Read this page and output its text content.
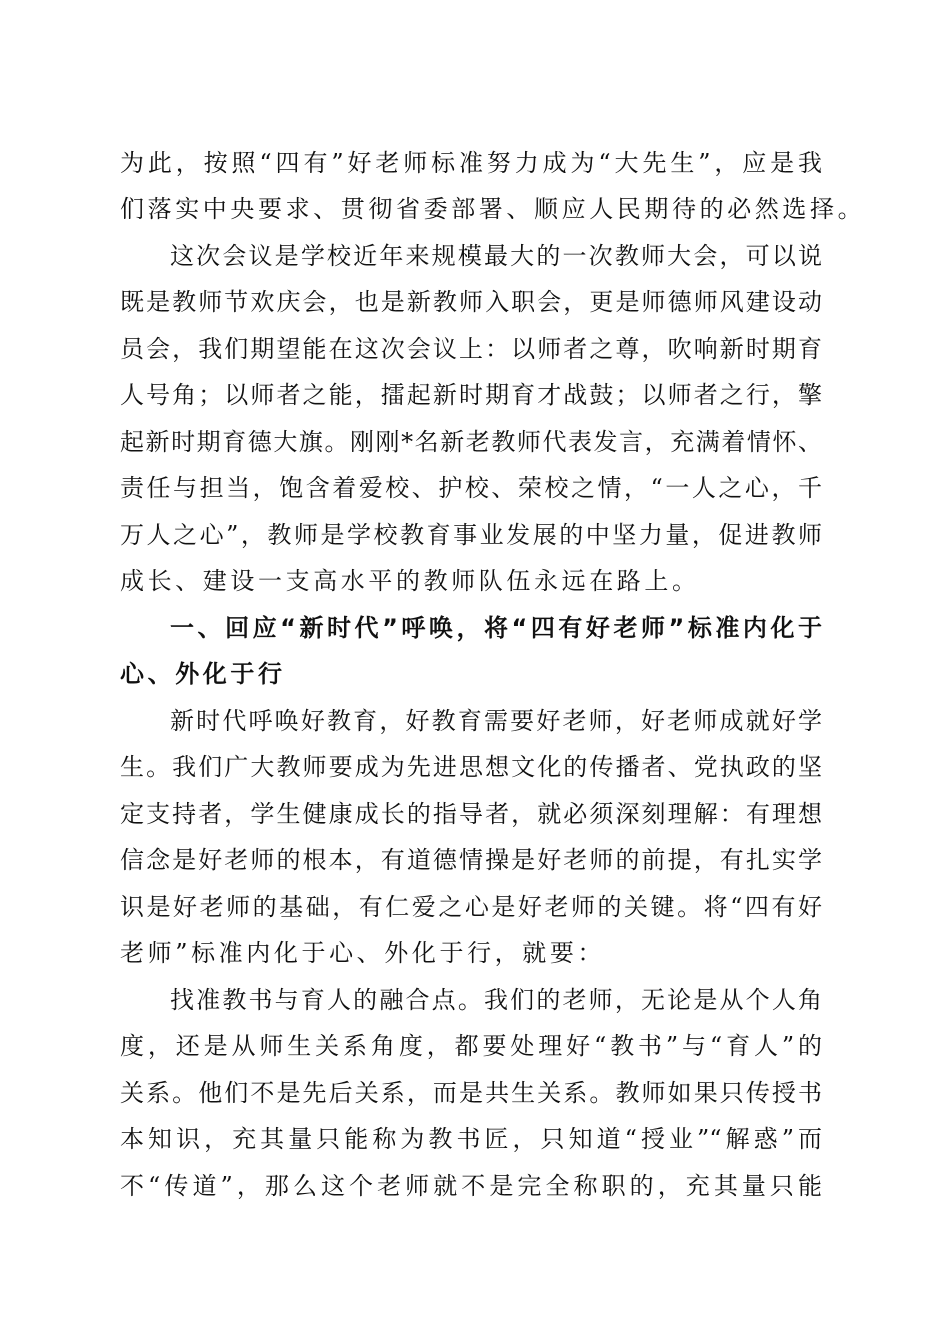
为此，按照“四有”好老师标准努力成为“大先生”，应是我
们落实中央要求、贯彻省委部署、顺应人民期待的必然选择。
这次会议是学校近年来规模最大的一次教师大会，可以说
既是教师节欢庆会，也是新教师入职会，更是师德师风建设动
员会，我们期望能在这次会议上：以师者之尊，吹响新时期育
人号角；以师者之能，擂起新时期育才战鼓；以师者之行，擎
起新时期育德大旗。刚刚*名新老教师代表发言，充满着情怀、
责任与担当，饱含着爱校、护校、荣校之情，“一人之心，千
万人之心”，教师是学校教育事业发展的中坚力量，促进教师
成长、建设一支高水平的教师队伍永远在路上。
一、回应“新时代”呼唤，将“四有好老师”标准内化于
心、外化于行
新时代呼唤好教育，好教育需要好老师，好老师成就好学
生。我们广大教师要成为先进思想文化的传播者、党执政的坚
定支持者，学生健康成长的指导者，就必须深刻理解：有理想
信念是好老师的根本，有道德情操是好老师的前提，有扎实学
识是好老师的基础，有仁爱之心是好老师的关键。将“四有好
老师”标准内化于心、外化于行，就要：
找准教书与育人的融合点。我们的老师，无论是从个人角
度，还是从师生关系角度，都要处理好“教书”与“育人”的
关系。他们不是先后关系，而是共生关系。教师如果只传授书
本知识，充其量只能称为教书匠，只知道“授业”“解惑”而
不“传道”，那么这个老师就不是完全称职的，充其量只能
